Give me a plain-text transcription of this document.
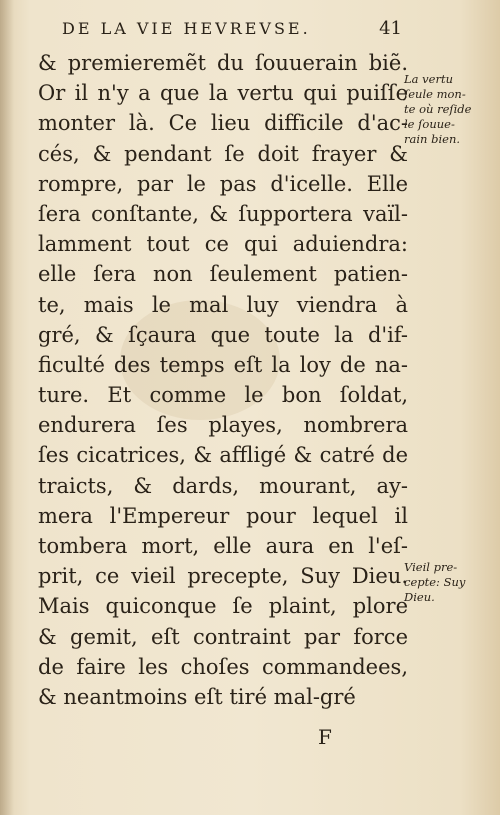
DE LA VIE HEVREVSE.	41
& premieremẽt du ſouuerain biẽ.
Or il n'y a que la vertu qui puiſſe
monter là. Ce lieu difficile d'ac-
cés, & pendant ſe doit frayer &
rompre, par le pas d'icelle. Elle
ſera conſtante, & ſupportera vaïl-
lamment tout ce qui aduiendra:
elle ſera non ſeulement patien-
te, mais le mal luy viendra à
gré, & ſçaura que toute la d'if-
ficulté des temps eſt la loy de na-
ture. Et comme le bon ſoldat,
endurera ſes playes, nombrera
ſes cicatrices, & affligé & catré de
traicts, & dards, mourant, ay-
mera l'Empereur pour lequel il
tombera mort, elle aura en l'eſ-
prit, ce vieil precepte, Suy Dieu.
Mais quiconque ſe plaint, plore
& gemit, eſt contraint par force
de faire les choſes commandees,
& neantmoins eſt tiré mal-gré
La vertu
ſeule mon-
te où reſide
le ſouue-
rain bien.
Vieil pre-
cepte: Suy
Dieu.
F
